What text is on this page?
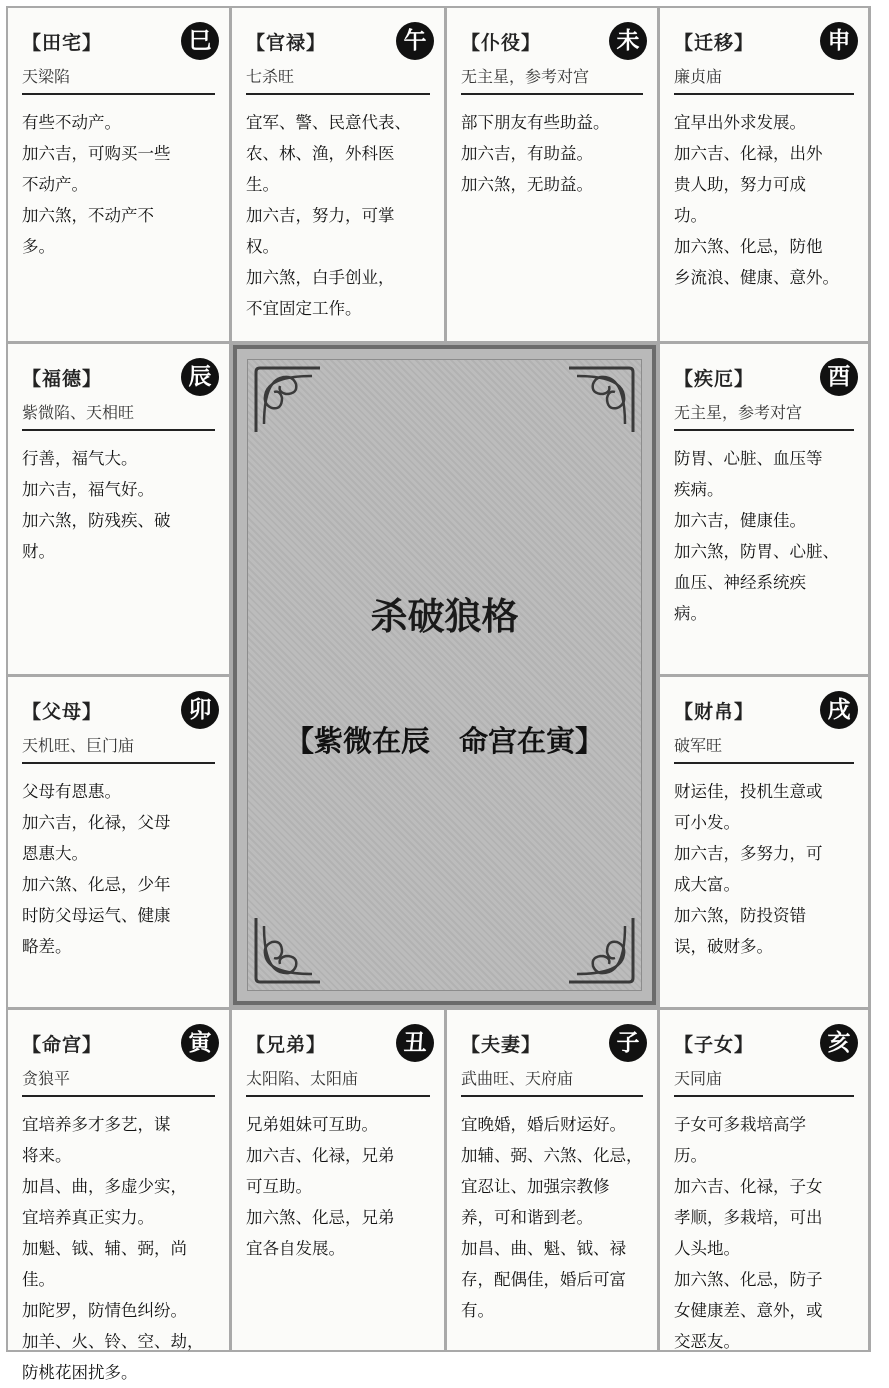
【田宅】	巳
天梁陷

有些不动产。

加六吉，可购买一些

不动产。

加六煞，不动产不

多。

【官禄】	午
七杀旺

宜军、警、民意代表、

农、林、渔，外科医

生。

加六吉，努力，可掌

权。

加六煞，白手创业，

不宜固定工作。

【仆役】	未
无主星，参考对宫

部下朋友有些助益。

加六吉，有助益。

加六煞，无助益。

【迁移】	申
廉贞庙

宜早出外求发展。

加六吉、化禄，出外

贵人助，努力可成

功。

加六煞、化忌，防他

乡流浪、健康、意外。

【福德】	辰
紫微陷、天相旺

行善，福气大。

加六吉，福气好。

加六煞，防残疾、破

财。

【疾厄】	酉
无主星，参考对宫

防胃、心脏、血压等

疾病。

加六吉，健康佳。

加六煞，防胃、心脏、

血压、神经系统疾

病。

【父母】	卯
天机旺、巨门庙

父母有恩惠。

加六吉，化禄，父母

恩惠大。

加六煞、化忌，少年

时防父母运气、健康

略差。

【财帛】	戌
破军旺

财运佳，投机生意或

可小发。

加六吉，多努力，可

成大富。

加六煞，防投资错

误，破财多。

【命宫】	寅
贪狼平

宜培养多才多艺，谋

将来。

加昌、曲，多虚少实，

宜培养真正实力。

加魁、钺、辅、弼，尚

佳。

加陀罗，防情色纠纷。

加羊、火、铃、空、劫，

防桃花困扰多。

【兄弟】	丑
太阳陷、太阳庙

兄弟姐妹可互助。

加六吉、化禄，兄弟

可互助。

加六煞、化忌，兄弟

宜各自发展。

【夫妻】	子
武曲旺、天府庙

宜晚婚，婚后财运好。

加辅、弼、六煞、化忌，

宜忍让、加强宗教修

养，可和谐到老。

加昌、曲、魁、钺、禄

存，配偶佳，婚后可富

有。

【子女】	亥
天同庙

子女可多栽培高学

历。

加六吉、化禄，子女

孝顺，多栽培，可出

人头地。

加六煞、化忌，防子

女健康差、意外，或

交恶友。

杀破狼格
【紫微在辰　命宫在寅】
